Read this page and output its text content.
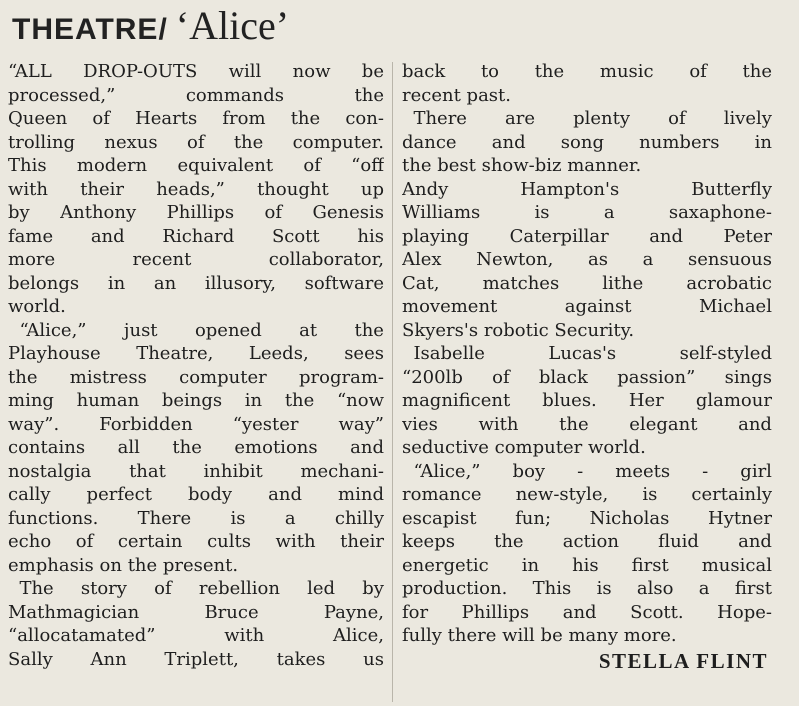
THEATRE/ ‘Alice’
“ALL DROP-OUTS will now be
processed,”	commands	the
Queen of Hearts from the con-
trolling nexus of the computer.
This modern equivalent of “off
with their heads,” thought up
by Anthony Phillips of Genesis
fame and Richard Scott his
more	recent	collaborator,
belongs in an illusory, software
world.
“Alice,” just opened at the
Playhouse Theatre, Leeds, sees
the mistress computer program-
ming human beings in the “now
way”. Forbidden “yester way”
contains all the emotions and
nostalgia that inhibit mechani-
cally perfect body and mind
functions. There is a chilly
echo of certain cults with their
emphasis on the present.
The story of rebellion led by
Mathmagician	Bruce	Payne,
“allocatamated”	with	Alice,
Sally Ann Triplett, takes us
back to the music of the
recent past.
There are plenty of lively
dance and song numbers in
the best show-biz manner.
Andy	Hampton's	Butterfly
Williams	is	a	saxaphone-
playing Caterpillar and Peter
Alex Newton, as a sensuous
Cat, matches lithe acrobatic
movement	against	Michael
Skyers's robotic Security.
Isabelle	Lucas's	self-styled
“200lb of black passion” sings
magnificent blues. Her glamour
vies with the elegant and
seductive computer world.
“Alice,” boy - meets - girl
romance new-style, is certainly
escapist fun; Nicholas Hytner
keeps the action fluid and
energetic in his first musical
production. This is also a first
for Phillips and Scott. Hope-
fully there will be many more.
STELLA FLINT
